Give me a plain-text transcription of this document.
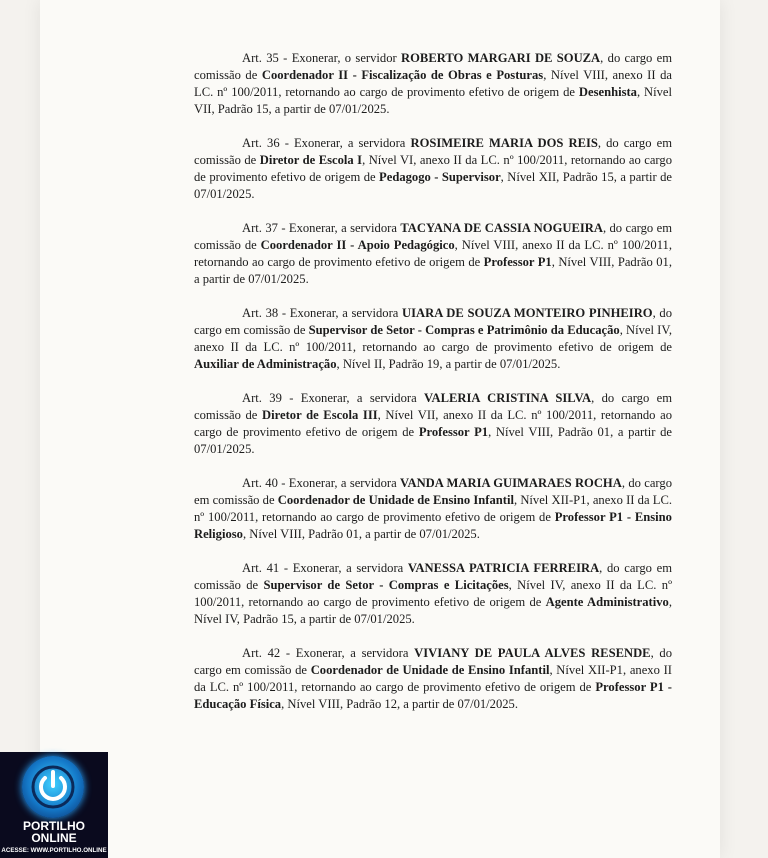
Art. 35 - Exonerar, o servidor ROBERTO MARGARI DE SOUZA, do cargo em comissão de Coordenador II - Fiscalização de Obras e Posturas, Nível VIII, anexo II da LC. nº 100/2011, retornando ao cargo de provimento efetivo de origem de Desenhista, Nível VII, Padrão 15, a partir de 07/01/2025.

Art. 36 - Exonerar, a servidora ROSIMEIRE MARIA DOS REIS, do cargo em comissão de Diretor de Escola I, Nível VI, anexo II da LC. nº 100/2011, retornando ao cargo de provimento efetivo de origem de Pedagogo - Supervisor, Nível XII, Padrão 15, a partir de 07/01/2025.

Art. 37 - Exonerar, a servidora TACYANA DE CASSIA NOGUEIRA, do cargo em comissão de Coordenador II - Apoio Pedagógico, Nível VIII, anexo II da LC. nº 100/2011, retornando ao cargo de provimento efetivo de origem de Professor P1, Nível VIII, Padrão 01, a partir de 07/01/2025.

Art. 38 - Exonerar, a servidora UIARA DE SOUZA MONTEIRO PINHEIRO, do cargo em comissão de Supervisor de Setor - Compras e Patrimônio da Educação, Nível IV, anexo II da LC. nº 100/2011, retornando ao cargo de provimento efetivo de origem de Auxiliar de Administração, Nível II, Padrão 19, a partir de 07/01/2025.

Art. 39 - Exonerar, a servidora VALERIA CRISTINA SILVA, do cargo em comissão de Diretor de Escola III, Nível VII, anexo II da LC. nº 100/2011, retornando ao cargo de provimento efetivo de origem de Professor P1, Nível VIII, Padrão 01, a partir de 07/01/2025.

Art. 40 - Exonerar, a servidora VANDA MARIA GUIMARAES ROCHA, do cargo em comissão de Coordenador de Unidade de Ensino Infantil, Nível XII-P1, anexo II da LC. nº 100/2011, retornando ao cargo de provimento efetivo de origem de Professor P1 - Ensino Religioso, Nível VIII, Padrão 01, a partir de 07/01/2025.

Art. 41 - Exonerar, a servidora VANESSA PATRICIA FERREIRA, do cargo em comissão de Supervisor de Setor - Compras e Licitações, Nível IV, anexo II da LC. nº 100/2011, retornando ao cargo de provimento efetivo de origem de Agente Administrativo, Nível IV, Padrão 15, a partir de 07/01/2025.

Art. 42 - Exonerar, a servidora VIVIANY DE PAULA ALVES RESENDE, do cargo em comissão de Coordenador de Unidade de Ensino Infantil, Nível XII-P1, anexo II da LC. nº 100/2011, retornando ao cargo de provimento efetivo de origem de Professor P1 - Educação Física, Nível VIII, Padrão 12, a partir de 07/01/2025.

PORTILHO
ONLINE
ACESSE: WWW.PORTILHO.ONLINE
